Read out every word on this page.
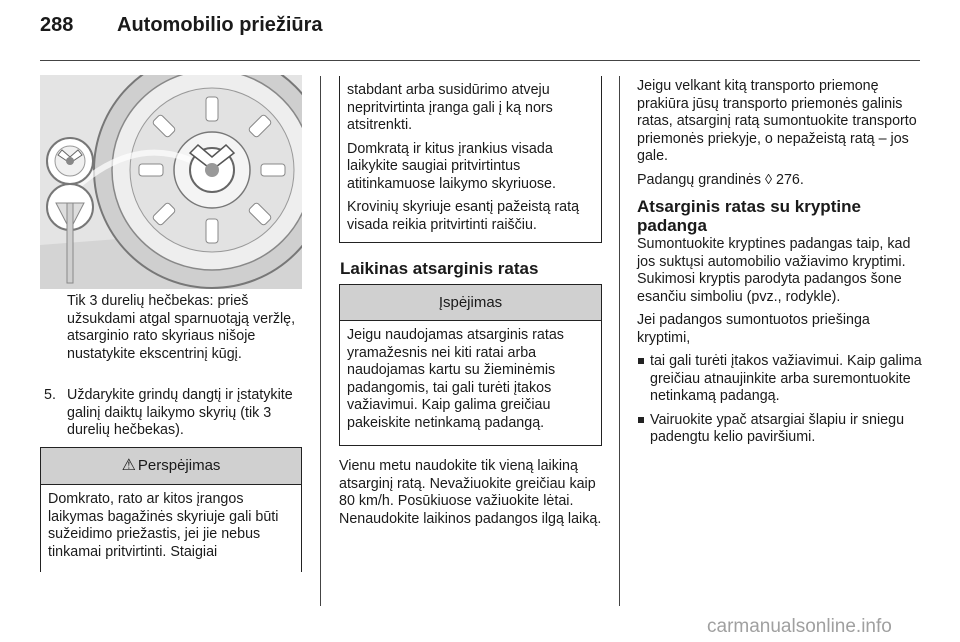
288 Automobilio priežiūra
Tik 3 durelių hečbekas: prieš užsukdami atgal sparnuotąją veržlę, atsarginio rato skyriaus nišoje nustatykite ekscentrinį kūgį.
5. Uždarykite grindų dangtį ir įstatykite galinį daiktų laikymo skyrių (tik 3 durelių hečbekas).
⚠ Perspėjimas
Domkrato, rato ar kitos įrangos laikymas bagažinės skyriuje gali būti sužeidimo priežastis, jei jie nebus tinkamai pritvirtinti. Staigiai

stabdant arba susidūrimo atveju nepritvirtinta įranga gali į ką nors atsitrenkti.

Domkratą ir kitus įrankius visada laikykite saugiai pritvirtintus atitinkamuose laikymo skyriuose.

Krovinių skyriuje esantį pažeistą ratą visada reikia pritvirtinti raiščiu.

Laikinas atsarginis ratas
Įspėjimas
Jeigu naudojamas atsarginis ratas yramažesnis nei kiti ratai arba naudojamas kartu su žieminėmis padangomis, tai gali turėti įtakos važiavimui. Kaip galima greičiau pakeiskite netinkamą padangą.
Vienu metu naudokite tik vieną laikiną atsarginį ratą. Nevažiuokite greičiau kaip 80 km/h. Posūkiuose važiuokite lėtai. Nenaudokite laikinos padangos ilgą laiką.

Jeigu velkant kitą transporto priemonę prakiūra jūsų transporto priemonės galinis ratas, atsarginį ratą sumontuokite transporto priemonės priekyje, o nepažeistą ratą – jos gale.

Padangų grandinės ◊ 276.

Atsarginis ratas su kryptine padanga

Sumontuokite kryptines padangas taip, kad jos suktųsi automobilio važiavimo kryptimi. Sukimosi kryptis parodyta padangos šone esančiu simboliu (pvz., rodykle).

Jei padangos sumontuotos priešinga kryptimi,

tai gali turėti įtakos važiavimui. Kaip galima greičiau atnaujinkite arba suremontuokite netinkamą padangą.
Vairuokite ypač atsargiai šlapiu ir sniegu padengtu kelio paviršiumi.
carmanualsonline.info
